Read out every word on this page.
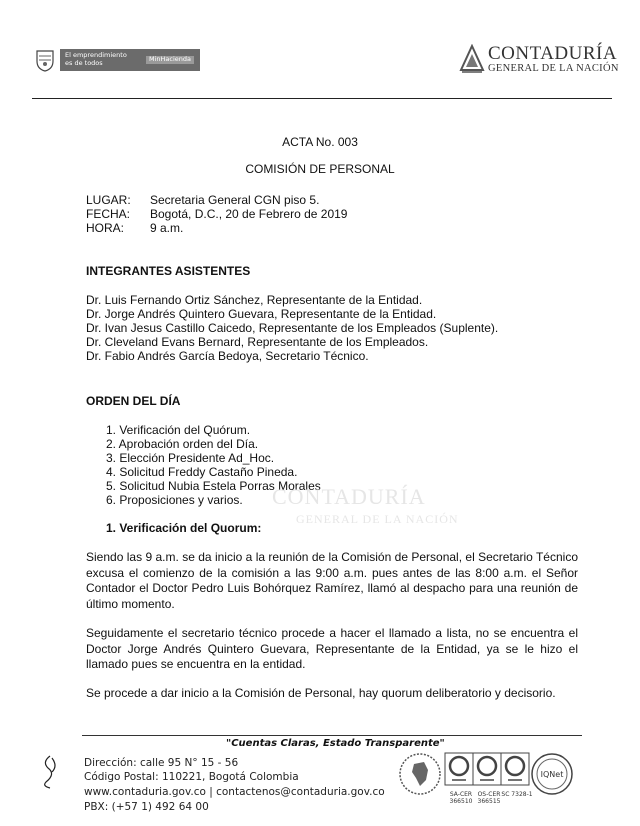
El emprendimiento
es de todos	MinHacienda	CONTADURÍA
GENERAL DE LA NACIÓN
ACTA No. 003
COMISIÓN DE PERSONAL
LUGAR: Secretaria General CGN piso 5.
FECHA: Bogotá, D.C., 20 de Febrero de 2019
HORA: 9 a.m.
INTEGRANTES ASISTENTES
Dr. Luis Fernando Ortiz Sánchez, Representante de la Entidad.
Dr. Jorge Andrés Quintero Guevara, Representante de la Entidad.
Dr. Ivan Jesus Castillo Caicedo, Representante de los Empleados (Suplente).
Dr. Cleveland Evans Bernard, Representante de los Empleados.
Dr. Fabio Andrés García Bedoya, Secretario Técnico.
ORDEN DEL DÍA
1. Verificación del Quórum.
2. Aprobación orden del Día.
3. Elección Presidente Ad_Hoc.
4. Solicitud Freddy Castaño Pineda.
5. Solicitud Nubia Estela Porras Morales
6. Proposiciones y varios. CONTADURÍA
GENERAL DE LA NACIÓN
1. Verificación del Quorum:
Siendo las 9 a.m. se da inicio a la reunión de la Comisión de Personal, el Secretario Técnico excusa el comienzo de la comisión a las 9:00 a.m. pues antes de las 8:00 a.m. el Señor Contador el Doctor Pedro Luis Bohórquez Ramírez, llamó al despacho para una reunión de último momento.
Seguidamente el secretario técnico procede a hacer el llamado a lista, no se encuentra el Doctor Jorge Andrés Quintero Guevara, Representante de la Entidad, ya se le hizo el llamado pues se encuentra en la entidad.
Se procede a dar inicio a la Comisión de Personal, hay quorum deliberatorio y decisorio.
"Cuentas Claras, Estado Transparente"
Dirección: calle 95 N° 15 - 56
Código Postal: 110221, Bogotá Colombia
www.contaduria.gov.co | contactenos@contaduria.gov.co
PBX: (+57 1) 492 64 00
SA-CER 366510
OS-CER 366515
SC 7328-1
IQNet
